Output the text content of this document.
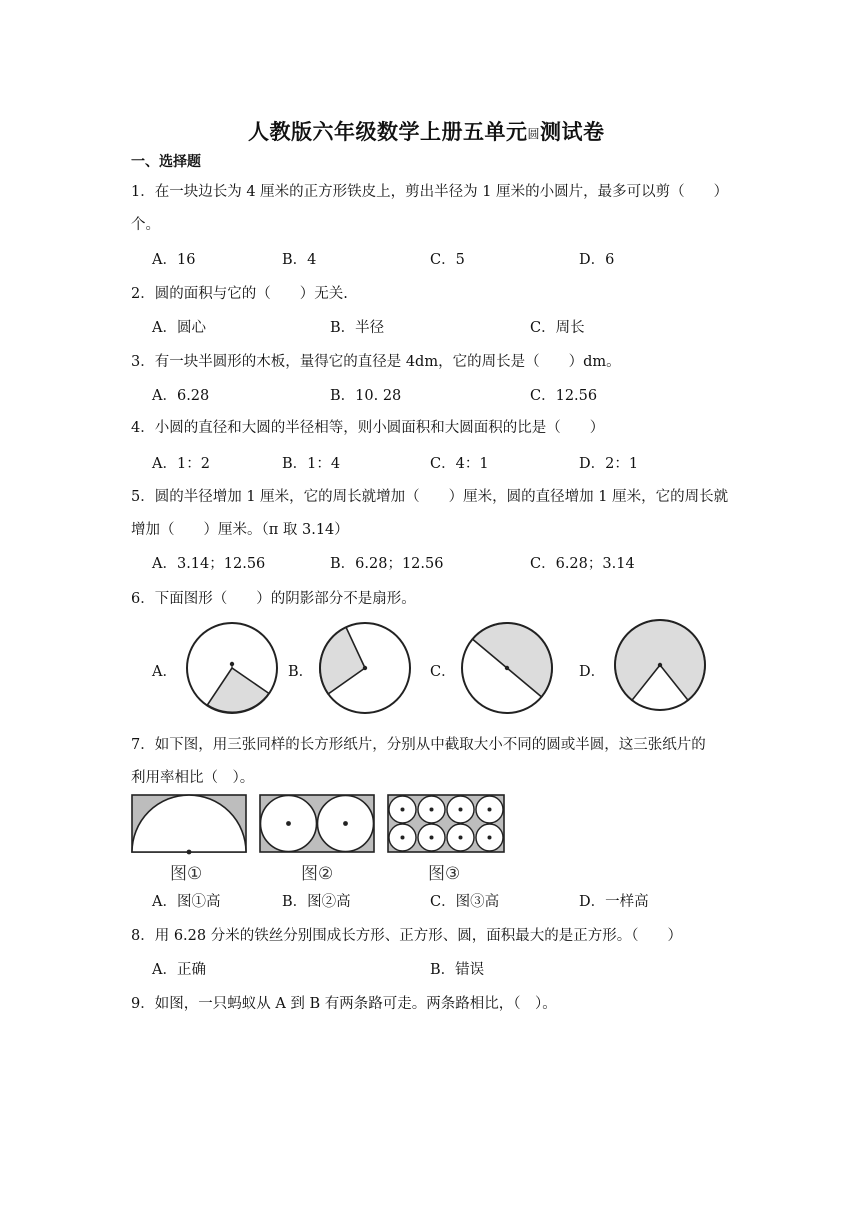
人教版六年级数学上册五单元圆测试卷
一、选择题
1．在一块边长为 4 厘米的正方形铁皮上，剪出半径为 1 厘米的小圆片，最多可以剪（　　）
个。
A．16	B．4	C．5	D．6
2．圆的面积与它的（　　）无关.
A．圆心	B．半径	C．周长
3．有一块半圆形的木板，量得它的直径是 4dm，它的周长是（　　）dm。
A．6.28	B．10. 28	C．12.56
4．小圆的直径和大圆的半径相等，则小圆面积和大圆面积的比是（　　）
A．1：2	B．1：4	C．4：1	D．2：1
5．圆的半径增加 1 厘米，它的周长就增加（　　）厘米，圆的直径增加 1 厘米，它的周长就
增加（　　）厘米。（π 取 3.14）
A．3.14；12.56	B．6.28；12.56	C．6.28；3.14
6．下面图形（　　）的阴影部分不是扇形。
A．	B．	C．	D．
7．如下图，用三张同样的长方形纸片，分别从中截取大小不同的圆或半圆，这三张纸片的
利用率相比（　）。
图①	图②	图③
A．图①高	B．图②高	C．图③高	D．一样高
8．用 6.28 分米的铁丝分别围成长方形、正方形、圆，面积最大的是正方形。（　　）
A．正确	B．错误
9．如图，一只蚂蚁从 A 到 B 有两条路可走。两条路相比，（　）。
